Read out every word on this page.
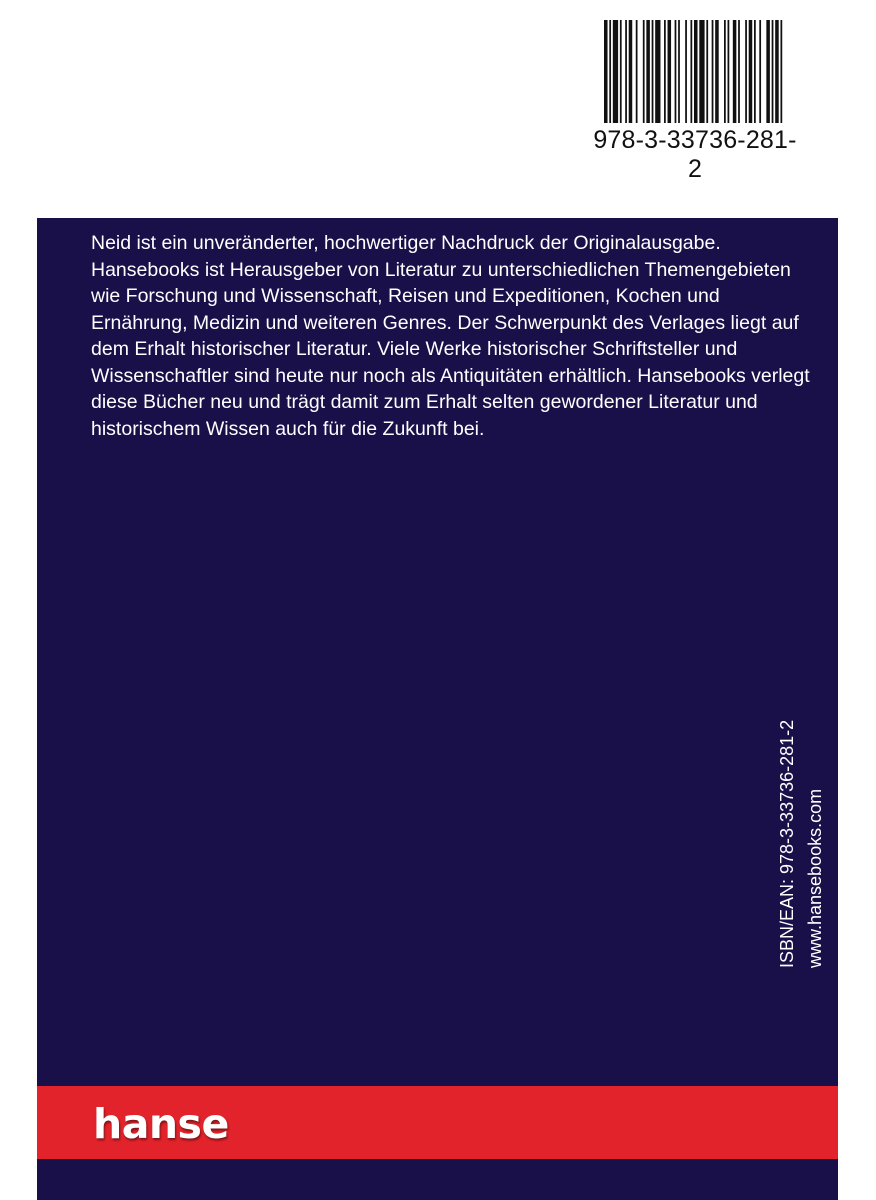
978-3-33736-281-2

Neid ist ein unveränderter, hochwertiger Nachdruck der Originalausgabe. Hansebooks ist Herausgeber von Literatur zu unterschiedlichen Themengebieten wie Forschung und Wissenschaft, Reisen und Expeditionen, Kochen und Ernährung, Medizin und weiteren Genres. Der Schwerpunkt des Verlages liegt auf dem Erhalt historischer Literatur. Viele Werke historischer Schriftsteller und Wissenschaftler sind heute nur noch als Antiquitäten erhältlich. Hansebooks verlegt diese Bücher neu und trägt damit zum Erhalt selten gewordener Literatur und historischem Wissen auch für die Zukunft bei.

ISBN/EAN: 978-3-33736-281-2 www.hansebooks.com
hanse
